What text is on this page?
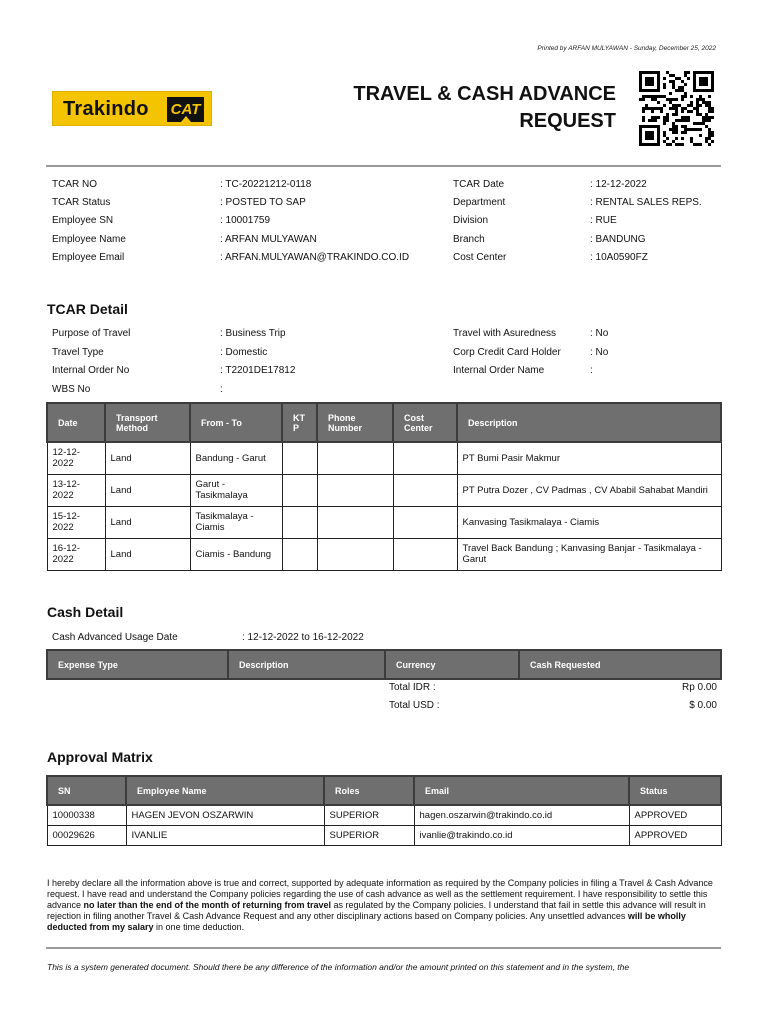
Printed by ARFAN MULYAWAN - Sunday, December 25, 2022
Trakindo CAT
TRAVEL & CASH ADVANCE
REQUEST
TCAR NO	: TC-20221212-0118
TCAR Status	: POSTED TO SAP
Employee SN	: 10001759
Employee Name	: ARFAN MULYAWAN
Employee Email	: ARFAN.MULYAWAN@TRAKINDO.CO.ID
TCAR Date	: 12-12-2022
Department	: RENTAL SALES REPS.
Division	: RUE
Branch	: BANDUNG
Cost Center	: 10A0590FZ
TCAR Detail
Purpose of Travel	: Business Trip
Travel Type	: Domestic
Internal Order No	: T2201DE17812
WBS No	:
Travel with Asuredness	: No
Corp Credit Card Holder	: No
Internal Order Name	:
Date	Transport Method	From - To	KT P	Phone Number	Cost Center	Description
12-12-2022	Land	Bandung - Garut				PT Bumi Pasir Makmur
13-12-2022	Land	Garut - Tasikmalaya				PT Putra Dozer , CV Padmas , CV Ababil Sahabat Mandiri
15-12-2022	Land	Tasikmalaya - Ciamis				Kanvasing Tasikmalaya - Ciamis
16-12-2022	Land	Ciamis - Bandung				Travel Back Bandung ; Kanvasing Banjar - Tasikmalaya - Garut
Cash Detail
Cash Advanced Usage Date	: 12-12-2022 to 16-12-2022
Expense Type	Description	Currency	Cash Requested
Total IDR :	Rp 0.00
Total USD :	$ 0.00
Approval Matrix
SN	Employee Name	Roles	Email	Status
10000338	HAGEN JEVON OSZARWIN	SUPERIOR	hagen.oszarwin@trakindo.co.id	APPROVED
00029626	IVANLIE	SUPERIOR	ivanlie@trakindo.co.id	APPROVED
I hereby declare all the information above is true and correct, supported by adequate information as required by the Company policies in filing a Travel & Cash Advance request. I have read and understand the Company policies regarding the use of cash advance as well as the settlement requirement. I have responsibility to settle this advance no later than the end of the month of returning from travel as regulated by the Company policies. I understand that fail in settle this advance will result in rejection in filing another Travel & Cash Advance Request and any other disciplinary actions based on Company policies. Any unsettled advances will be wholly deducted from my salary in one time deduction.
This is a system generated document. Should there be any difference of the information and/or the amount printed on this statement and in the system, the
